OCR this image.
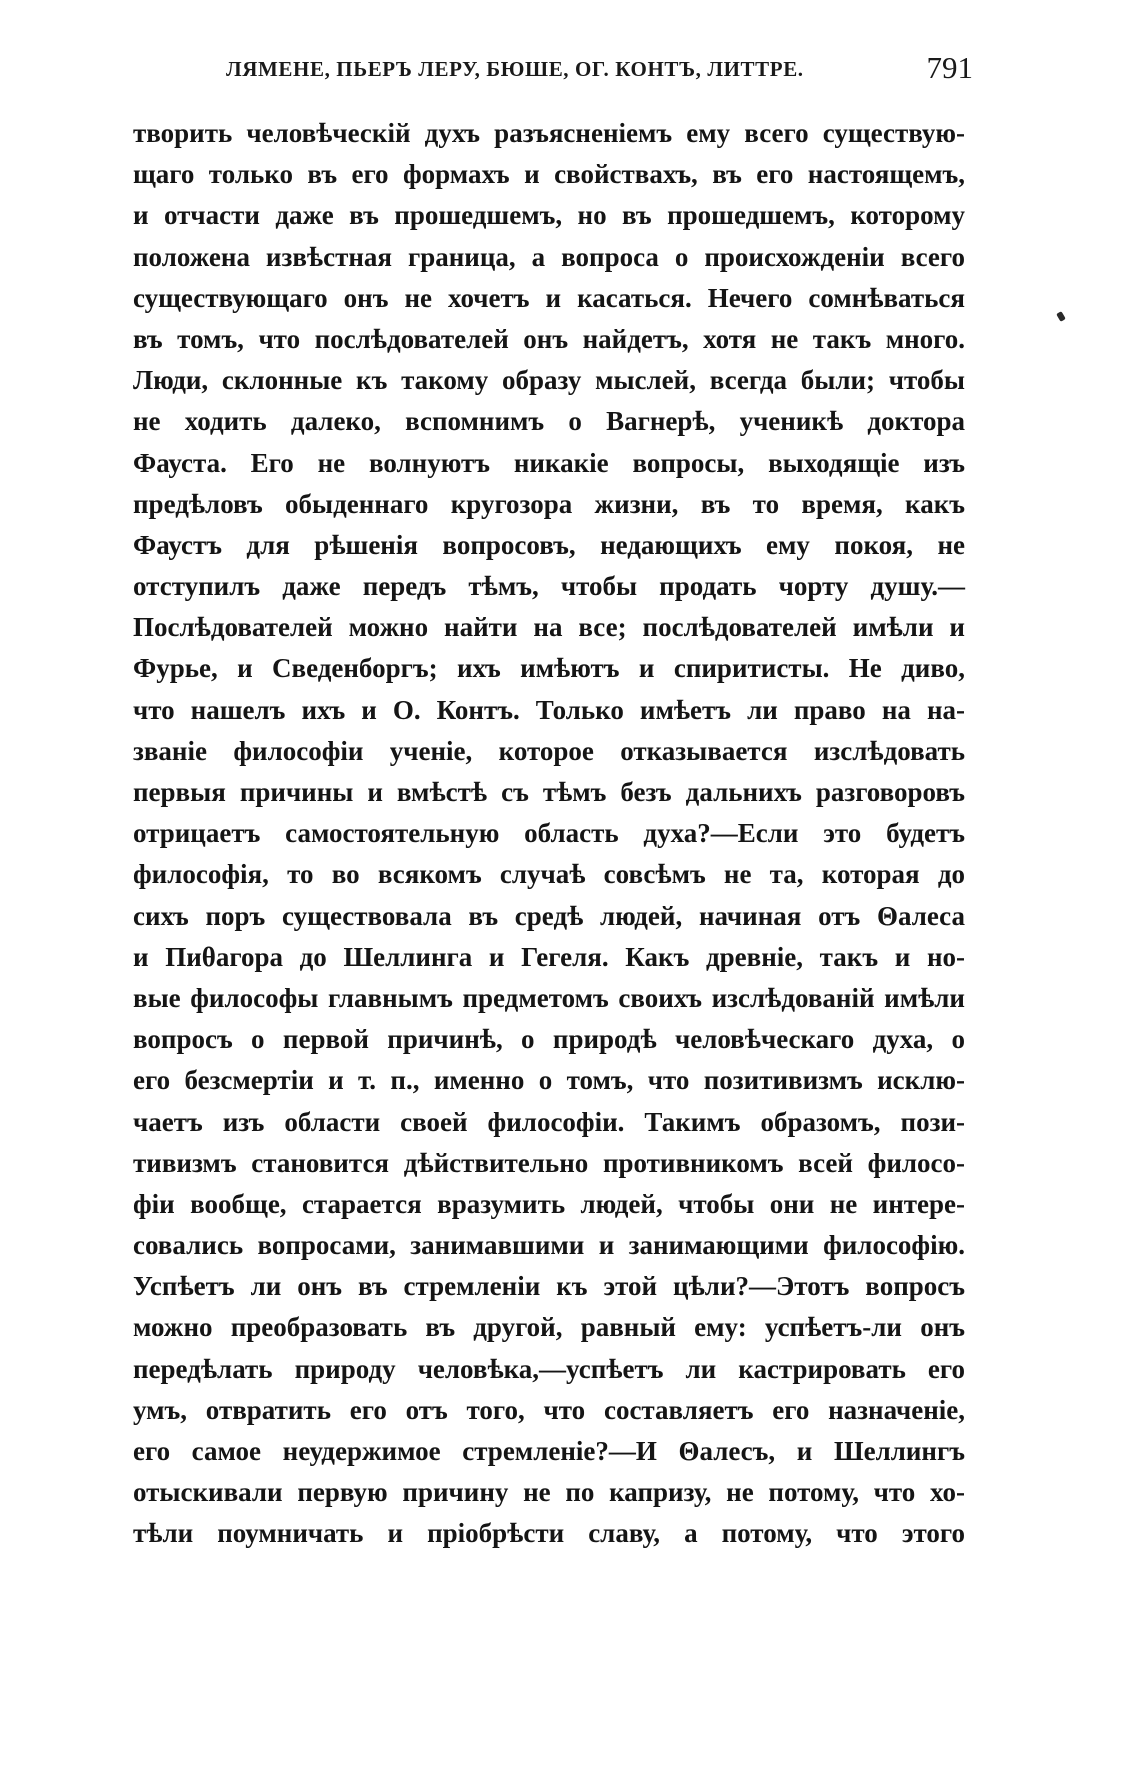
ЛЯМЕНЕ, ПЬЕРЪ ЛЕРУ, БЮШЕ, ОГ. КОНТЪ, ЛИТТРЕ.	791
творить человѣческій духъ разъясненіемъ ему всего существую-
щаго только въ его формахъ и свойствахъ, въ его настоящемъ,
и отчасти даже въ прошедшемъ, но въ прошедшемъ, которому
положена извѣстная граница, а вопроса о происхожденіи всего
существующаго онъ не хочетъ и касаться. Нечего сомнѣваться
въ томъ, что послѣдователей онъ найдетъ, хотя не такъ много.
Люди, склонные къ такому образу мыслей, всегда были; чтобы
не ходить далеко, вспомнимъ о Вагнерѣ, ученикѣ доктора
Фауста. Его не волнуютъ никакіе вопросы, выходящіе изъ
предѣловъ обыденнаго кругозора жизни, въ то время, какъ
Фаустъ для рѣшенія вопросовъ, недающихъ ему покоя, не
отступилъ даже передъ тѣмъ, чтобы продать чорту душу.—
Послѣдователей можно найти на все; послѣдователей имѣли и
Фурье, и Сведенборгъ; ихъ имѣютъ и спиритисты. Не диво,
что нашелъ ихъ и О. Контъ. Только имѣетъ ли право на на-
званіе философіи ученіе, которое отказывается изслѣдовать
первыя причины и вмѣстѣ съ тѣмъ безъ дальнихъ разговоровъ
отрицаетъ самостоятельную область духа?—Если это будетъ
философія, то во всякомъ случаѣ совсѣмъ не та, которая до
сихъ поръ существовала въ средѣ людей, начиная отъ Θалеса
и Пиθагора до Шеллинга и Гегеля. Какъ древніе, такъ и но-
вые философы главнымъ предметомъ своихъ изслѣдованій имѣли
вопросъ о первой причинѣ, о природѣ человѣческаго духа, о
его безсмертіи и т. п., именно о томъ, что позитивизмъ исклю-
чаетъ изъ области своей философіи. Такимъ образомъ, пози-
тивизмъ становится дѣйствительно противникомъ всей филосо-
фіи вообще, старается вразумить людей, чтобы они не интере-
совались вопросами, занимавшими и занимающими философію.
Успѣетъ ли онъ въ стремленіи къ этой цѣли?—Этотъ вопросъ
можно преобразовать въ другой, равный ему: успѣетъ-ли онъ
передѣлать природу человѣка,—успѣетъ ли кастрировать его
умъ, отвратить его отъ того, что составляетъ его назначеніе,
его самое неудержимое стремленіе?—И Θалесъ, и Шеллингъ
отыскивали первую причину не по капризу, не потому, что хо-
тѣли поумничать и пріобрѣсти славу, а потому, что этого
